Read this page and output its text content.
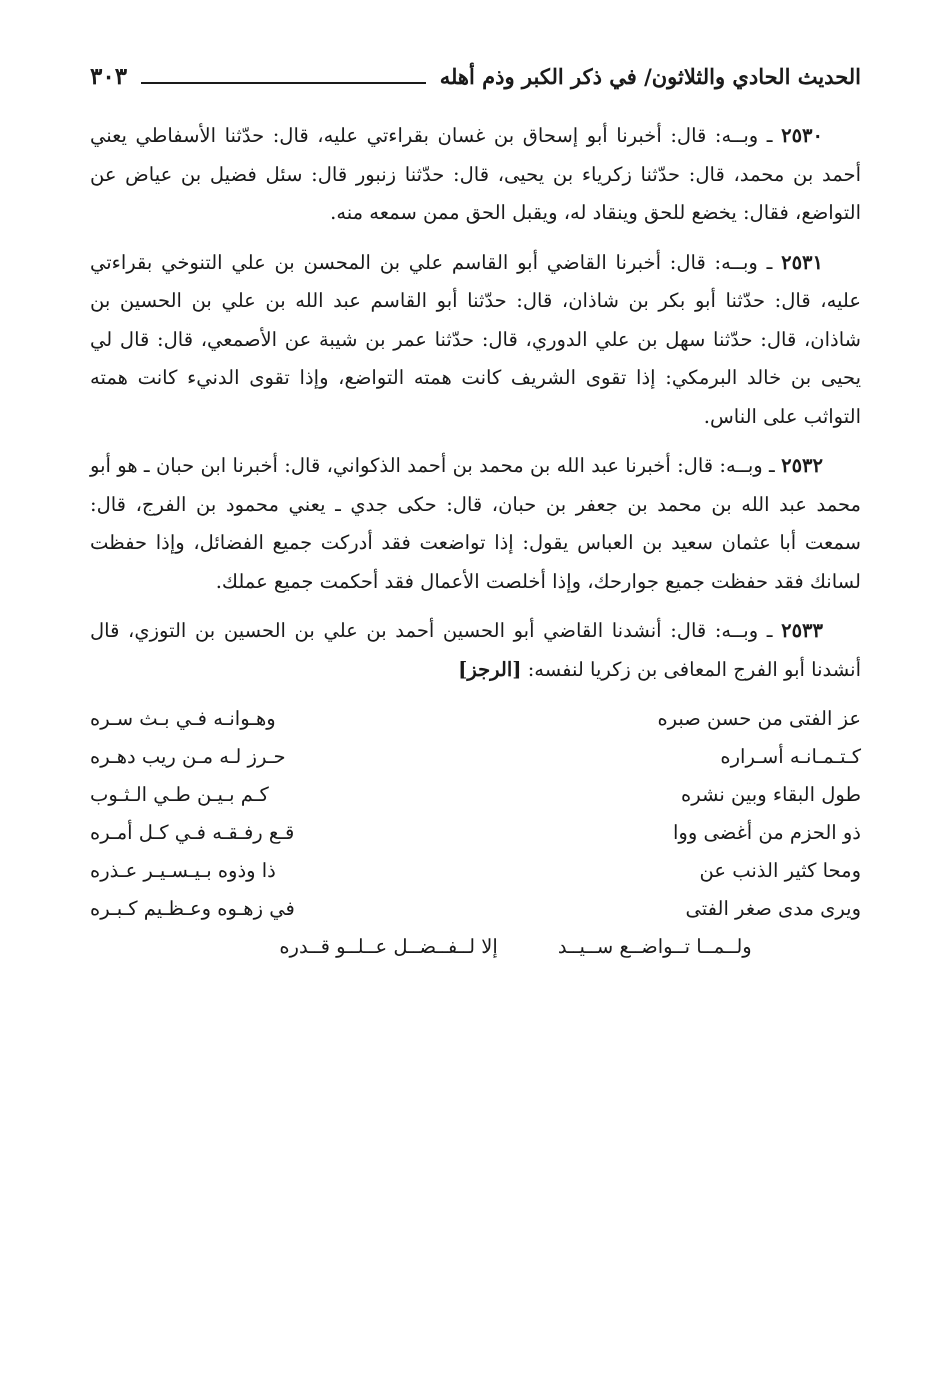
الحديث الحادي والثلاثون/ في ذكر الكبر وذم أهله
٣٠٣

٢٥٣٠ ـ وبــه: قال: أخبرنا أبو إسحاق بن غسان بقراءتي عليه، قال: حدّثنا الأسفاطي يعني أحمد بن محمد، قال: حدّثنا زكرياء بن يحيى، قال: حدّثنا زنبور قال: سئل فضيل بن عياض عن التواضع، فقال: يخضع للحق وينقاد له، ويقبل الحق ممن سمعه منه.

٢٥٣١ ـ وبــه: قال: أخبرنا القاضي أبو القاسم علي بن المحسن بن علي التنوخي بقراءتي عليه، قال: حدّثنا أبو بكر بن شاذان، قال: حدّثنا أبو القاسم عبد الله بن علي بن الحسين بن شاذان، قال: حدّثنا سهل بن علي الدوري، قال: حدّثنا عمر بن شيبة عن الأصمعي، قال: قال لي يحيى بن خالد البرمكي: إذا تقوى الشريف كانت همته التواضع، وإذا تقوى الدنيء كانت همته التواثب على الناس.

٢٥٣٢ ـ وبــه: قال: أخبرنا عبد الله بن محمد بن أحمد الذكواني، قال: أخبرنا ابن حبان ـ هو أبو محمد عبد الله بن محمد بن جعفر بن حبان، قال: حكى جدي ـ يعني محمود بن الفرج، قال: سمعت أبا عثمان سعيد بن العباس يقول: إذا تواضعت فقد أدركت جميع الفضائل، وإذا حفظت لسانك فقد حفظت جميع جوارحك، وإذا أخلصت الأعمال فقد أحكمت جميع عملك.

٢٥٣٣ ـ وبــه: قال: أنشدنا القاضي أبو الحسين أحمد بن علي بن الحسين بن التوزي، قال أنشدنا أبو الفرج المعافى بن زكريا لنفسه: [الرجز]

عز الفتى من حسن صبره
وهـوانـه فـي بـث سـره
كـتـمـانـه أسـراره
حـرز لـه مـن ريب دهـره
طول البقاء وبين نشره
كـم بـيـن طـي الـثـوب
ذو الحزم من أغضى ووا
قـع رفـقـه فـي كـل أمـره
ومحا كثير الذنب عن
ذا وذوه بـيـسـيـر عـذره
ويرى مدى صغر الفتى
في زهـوه وعـظـيم كـبـره
ولــمــا تــواضــع ســيــد
إلا لــفــضــل عــلــو قــدره
